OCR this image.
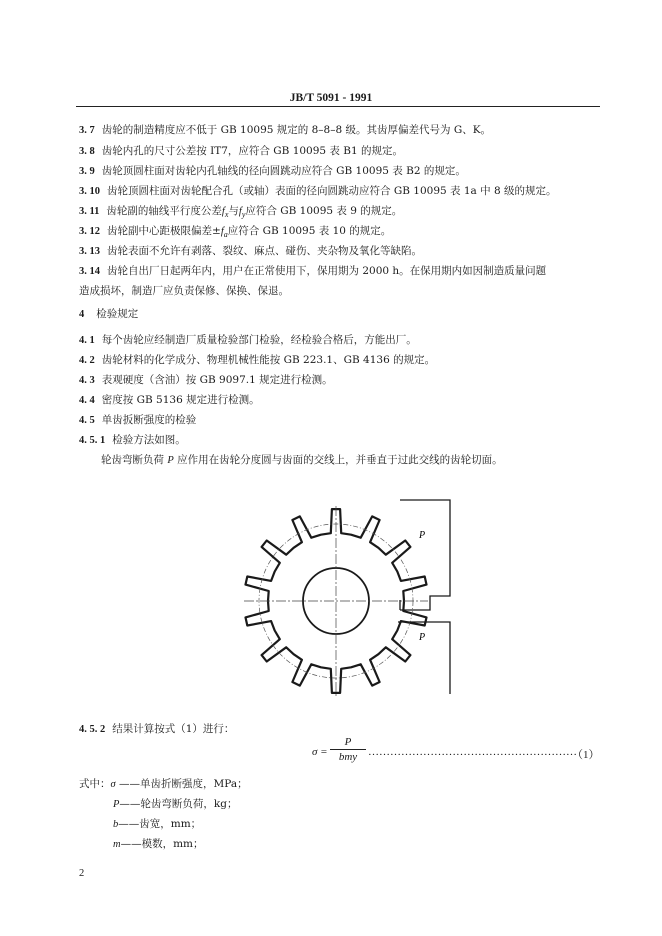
JB/T 5091 - 1991
3. 7 齿轮的制造精度应不低于 GB 10095 规定的 8–8–8 级。其齿厚偏差代号为 G、K。
3. 8 齿轮内孔的尺寸公差按 IT7，应符合 GB 10095 表 B1 的规定。
3. 9 齿轮顶圆柱面对齿轮内孔轴线的径向圆跳动应符合 GB 10095 表 B2 的规定。
3. 10 齿轮顶圆柱面对齿轮配合孔（或轴）表面的径向圆跳动应符合 GB 10095 表 1a 中 8 级的规定。
3. 11 齿轮副的轴线平行度公差$f_x$与$f_y$应符合 GB 10095 表 9 的规定。
3. 12 齿轮副中心距极限偏差$\pm f_a$应符合 GB 10095 表 10 的规定。
3. 13 齿轮表面不允许有剥落、裂纹、麻点、碰伤、夹杂物及氧化等缺陷。
3. 14 齿轮自出厂日起两年内，用户在正常使用下，保用期为 2000 h。在保用期内如因制造质量问题
造成损坏，制造厂应负责保修、保换、保退。
4 检验规定
4. 1 每个齿轮应经制造厂质量检验部门检验，经检验合格后，方能出厂。
4. 2 齿轮材料的化学成分、物理机械性能按 GB 223.1、GB 4136 的规定。
4. 3 表观硬度（含油）按 GB 9097.1 规定进行检测。
4. 4 密度按 GB 5136 规定进行检测。
4. 5 单齿扳断强度的检验
4. 5. 1 检验方法如图。
轮齿弯断负荷 P 应作用在齿轮分度圆与齿面的交线上，并垂直于过此交线的齿轮切面。
P
P
4. 5. 2 结果计算按式（1）进行：
σ =
P
bmy …………………………………………………
（1）
式中：σ ——单齿折断强度，MPa；
P——轮齿弯断负荷，kg；
b——齿宽，mm；
m——模数，mm；
2
